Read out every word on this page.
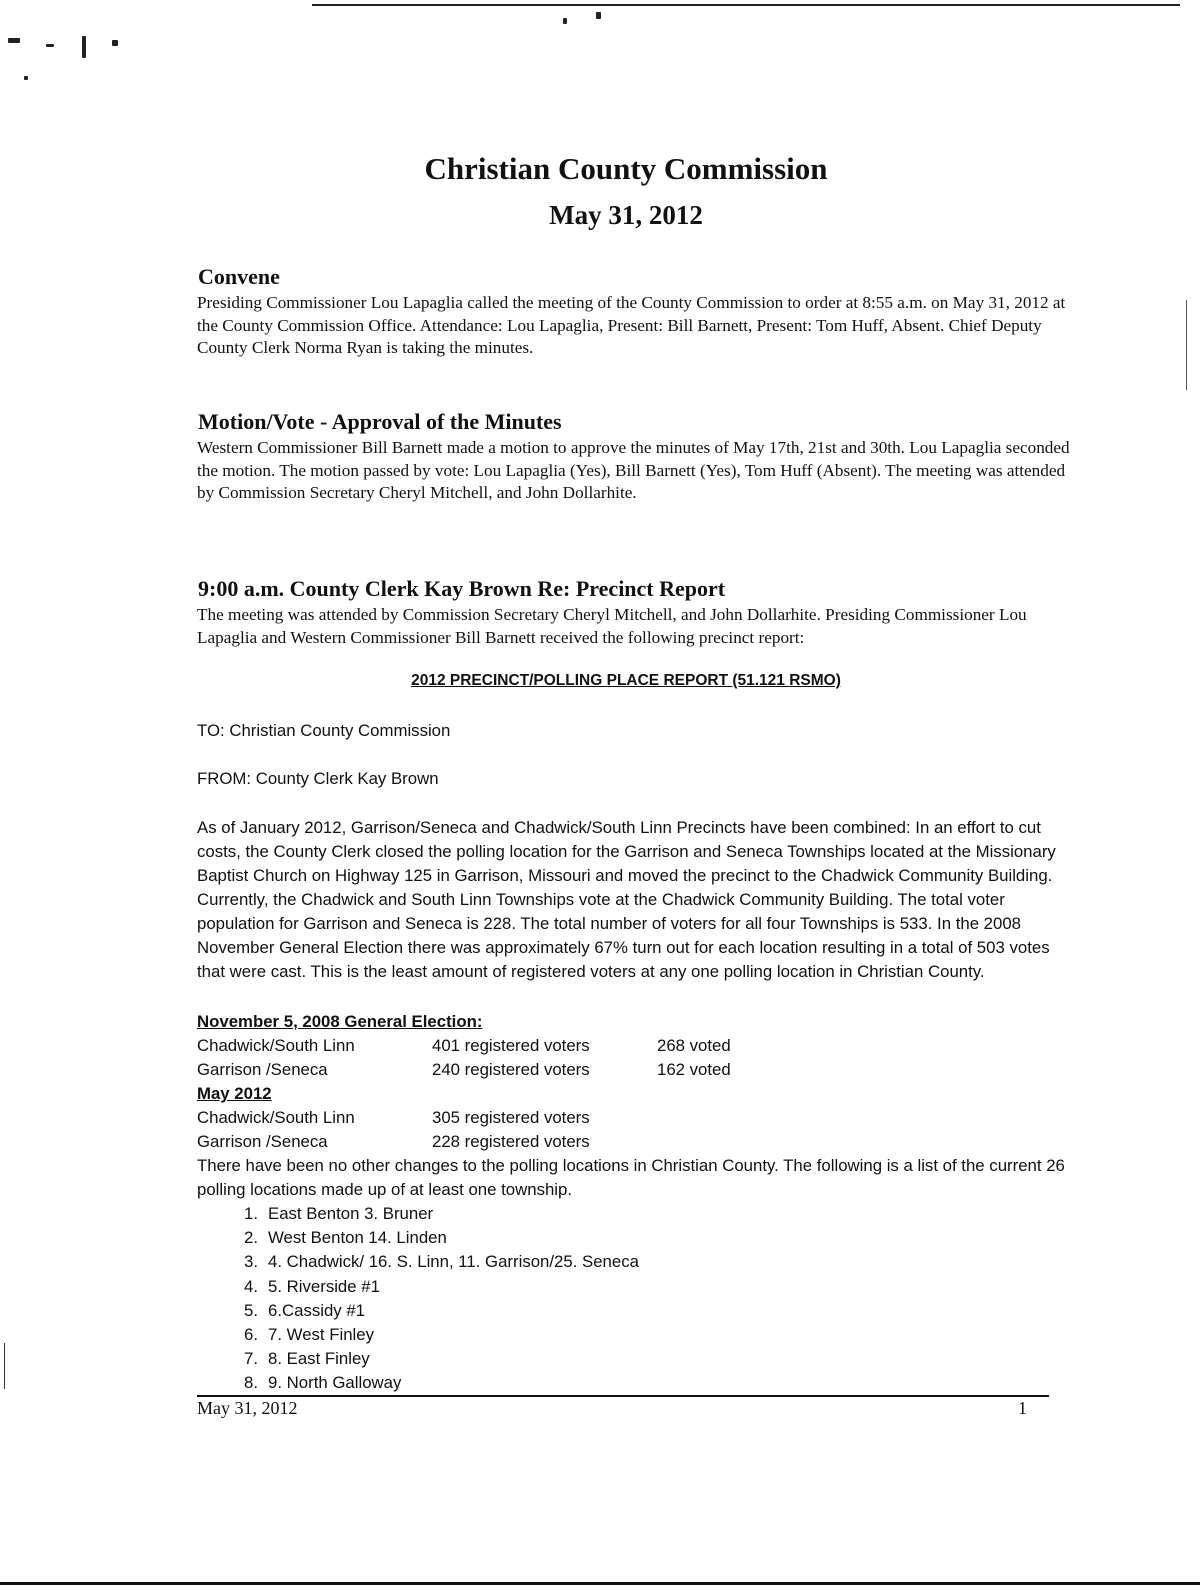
Christian County Commission
May 31, 2012
Convene
Presiding Commissioner Lou Lapaglia called the meeting of the County Commission to order at 8:55 a.m. on May 31, 2012 at the County Commission Office. Attendance: Lou Lapaglia, Present: Bill Barnett, Present: Tom Huff, Absent. Chief Deputy County Clerk Norma Ryan is taking the minutes.
Motion/Vote - Approval of the Minutes
Western Commissioner Bill Barnett made a motion to approve the minutes of May 17th, 21st and 30th. Lou Lapaglia seconded the motion. The motion passed by vote: Lou Lapaglia (Yes), Bill Barnett (Yes), Tom Huff (Absent). The meeting was attended by Commission Secretary Cheryl Mitchell, and John Dollarhite.
9:00 a.m. County Clerk Kay Brown Re: Precinct Report
The meeting was attended by Commission Secretary Cheryl Mitchell, and John Dollarhite. Presiding Commissioner Lou Lapaglia and Western Commissioner Bill Barnett received the following precinct report:
2012 PRECINCT/POLLING PLACE REPORT (51.121 RSMO)
TO: Christian County Commission
FROM: County Clerk Kay Brown
As of January 2012, Garrison/Seneca and Chadwick/South Linn Precincts have been combined: In an effort to cut costs, the County Clerk closed the polling location for the Garrison and Seneca Townships located at the Missionary Baptist Church on Highway 125 in Garrison, Missouri and moved the precinct to the Chadwick Community Building. Currently, the Chadwick and South Linn Townships vote at the Chadwick Community Building. The total voter population for Garrison and Seneca is 228. The total number of voters for all four Townships is 533. In the 2008 November General Election there was approximately 67% turn out for each location resulting in a total of 503 votes that were cast. This is the least amount of registered voters at any one polling location in Christian County.
November 5, 2008 General Election:
Chadwick/South Linn	401 registered voters	268 voted
Garrison /Seneca	240 registered voters	162 voted
May 2012
Chadwick/South Linn	305 registered voters
Garrison /Seneca	228 registered voters
There have been no other changes to the polling locations in Christian County. The following is a list of the current 26 polling locations made up of at least one township.
1. East Benton 3. Bruner
2. West Benton 14. Linden
3. 4. Chadwick/ 16. S. Linn, 11. Garrison/25. Seneca
4. 5. Riverside #1
5. 6.Cassidy #1
6. 7. West Finley
7. 8. East Finley
8. 9. North Galloway
May 31, 2012	1
